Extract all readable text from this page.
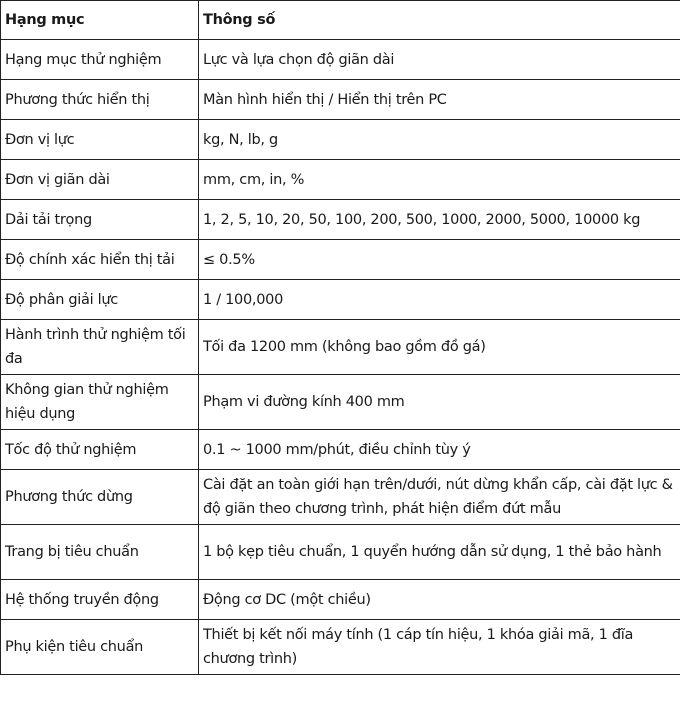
Hạng mục	Thông số
Hạng mục thử nghiệm	Lực và lựa chọn độ giãn dài
Phương thức hiển thị	Màn hình hiển thị / Hiển thị trên PC
Đơn vị lực	kg, N, lb, g
Đơn vị giãn dài	mm, cm, in, %
Dải tải trọng	1, 2, 5, 10, 20, 50, 100, 200, 500, 1000, 2000, 5000, 10000 kg
Độ chính xác hiển thị tải	≤ 0.5%
Độ phân giải lực	1 / 100,000
Hành trình thử nghiệm tối đa	Tối đa 1200 mm (không bao gồm đồ gá)
Không gian thử nghiệm hiệu dụng	Phạm vi đường kính 400 mm
Tốc độ thử nghiệm	0.1 ~ 1000 mm/phút, điều chỉnh tùy ý
Phương thức dừng	Cài đặt an toàn giới hạn trên/dưới, nút dừng khẩn cấp, cài đặt lực & độ giãn theo chương trình, phát hiện điểm đứt mẫu
Trang bị tiêu chuẩn	1 bộ kẹp tiêu chuẩn, 1 quyển hướng dẫn sử dụng, 1 thẻ bảo hành
Hệ thống truyền động	Động cơ DC (một chiều)
Phụ kiện tiêu chuẩn	Thiết bị kết nối máy tính (1 cáp tín hiệu, 1 khóa giải mã, 1 đĩa chương trình)
